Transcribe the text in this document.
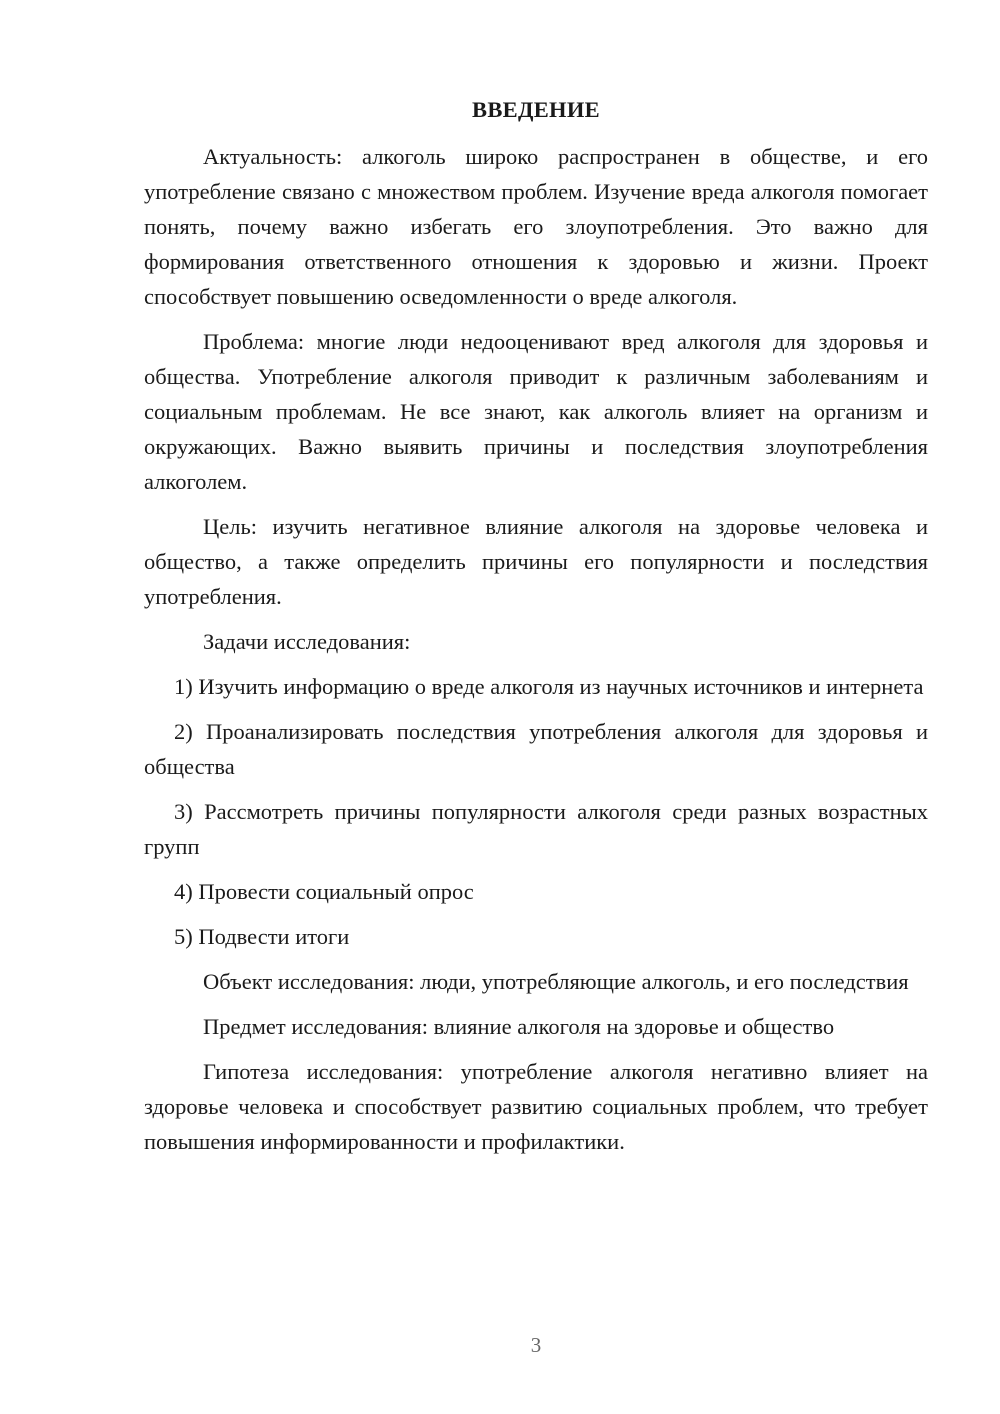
ВВЕДЕНИЕ

Актуальность: алкоголь широко распространен в обществе, и его употребление связано с множеством проблем. Изучение вреда алкоголя помогает понять, почему важно избегать его злоупотребления. Это важно для формирования ответственного отношения к здоровью и жизни. Проект способствует повышению осведомленности о вреде алкоголя.

Проблема: многие люди недооценивают вред алкоголя для здоровья и общества. Употребление алкоголя приводит к различным заболеваниям и социальным проблемам. Не все знают, как алкоголь влияет на организм и окружающих. Важно выявить причины и последствия злоупотребления алкоголем.

Цель: изучить негативное влияние алкоголя на здоровье человека и общество, а также определить причины его популярности и последствия употребления.

Задачи исследования:

1) Изучить информацию о вреде алкоголя из научных источников и интернета

2) Проанализировать последствия употребления алкоголя для здоровья и общества

3) Рассмотреть причины популярности алкоголя среди разных возрастных групп

4) Провести социальный опрос

5) Подвести итоги

Объект исследования: люди, употребляющие алкоголь, и его последствия

Предмет исследования: влияние алкоголя на здоровье и общество

Гипотеза исследования: употребление алкоголя негативно влияет на здоровье человека и способствует развитию социальных проблем, что требует повышения информированности и профилактики.

3
